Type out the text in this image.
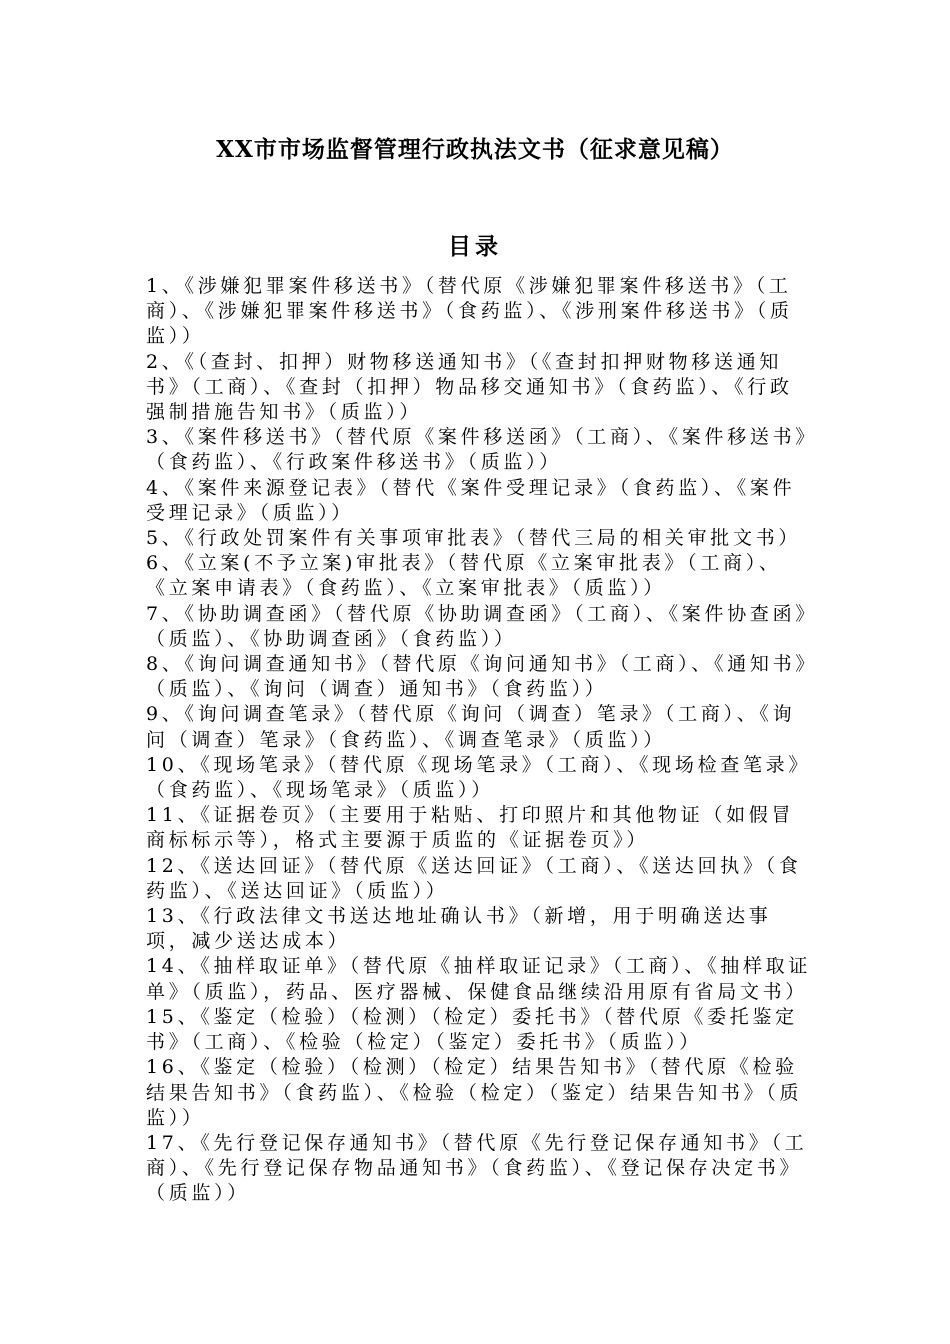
XX市市场监督管理行政执法文书（征求意见稿）
目录

1、《涉嫌犯罪案件移送书》（替代原《涉嫌犯罪案件移送书》（工商）、《涉嫌犯罪案件移送书》（食药监）、《涉刑案件移送书》（质监））

2、《（查封、扣押）财物移送通知书》（《查封扣押财物移送通知书》（工商）、《查封（扣押）物品移交通知书》（食药监）、《行政强制措施告知书》（质监））

3、《案件移送书》（替代原《案件移送函》（工商）、《案件移送书》（食药监）、《行政案件移送书》（质监））

4、《案件来源登记表》（替代《案件受理记录》（食药监）、《案件受理记录》（质监））

5、《行政处罚案件有关事项审批表》（替代三局的相关审批文书）

6、《立案(不予立案)审批表》（替代原《立案审批表》（工商）、《立案申请表》（食药监）、《立案审批表》（质监））

7、《协助调查函》（替代原《协助调查函》（工商）、《案件协查函》（质监）、《协助调查函》（食药监））

8、《询问调查通知书》（替代原《询问通知书》（工商）、《通知书》（质监）、《询问（调查）通知书》（食药监））

9、《询问调查笔录》（替代原《询问（调查）笔录》（工商）、《询问（调查）笔录》（食药监）、《调查笔录》（质监））

10、《现场笔录》（替代原《现场笔录》（工商）、《现场检查笔录》（食药监）、《现场笔录》（质监））

11、《证据卷页》（主要用于粘贴、打印照片和其他物证（如假冒商标标示等），格式主要源于质监的《证据卷页》）

12、《送达回证》（替代原《送达回证》（工商）、《送达回执》（食药监）、《送达回证》（质监））

13、《行政法律文书送达地址确认书》（新增，用于明确送达事项，减少送达成本）

14、《抽样取证单》（替代原《抽样取证记录》（工商）、《抽样取证单》（质监），药品、医疗器械、保健食品继续沿用原有省局文书）

15、《鉴定（检验）（检测）（检定）委托书》（替代原《委托鉴定书》（工商）、《检验（检定）（鉴定）委托书》（质监））

16、《鉴定（检验）（检测）（检定）结果告知书》（替代原《检验结果告知书》（食药监）、《检验（检定）（鉴定）结果告知书》（质监））

17、《先行登记保存通知书》（替代原《先行登记保存通知书》（工商）、《先行登记保存物品通知书》（食药监）、《登记保存决定书》（质监））
